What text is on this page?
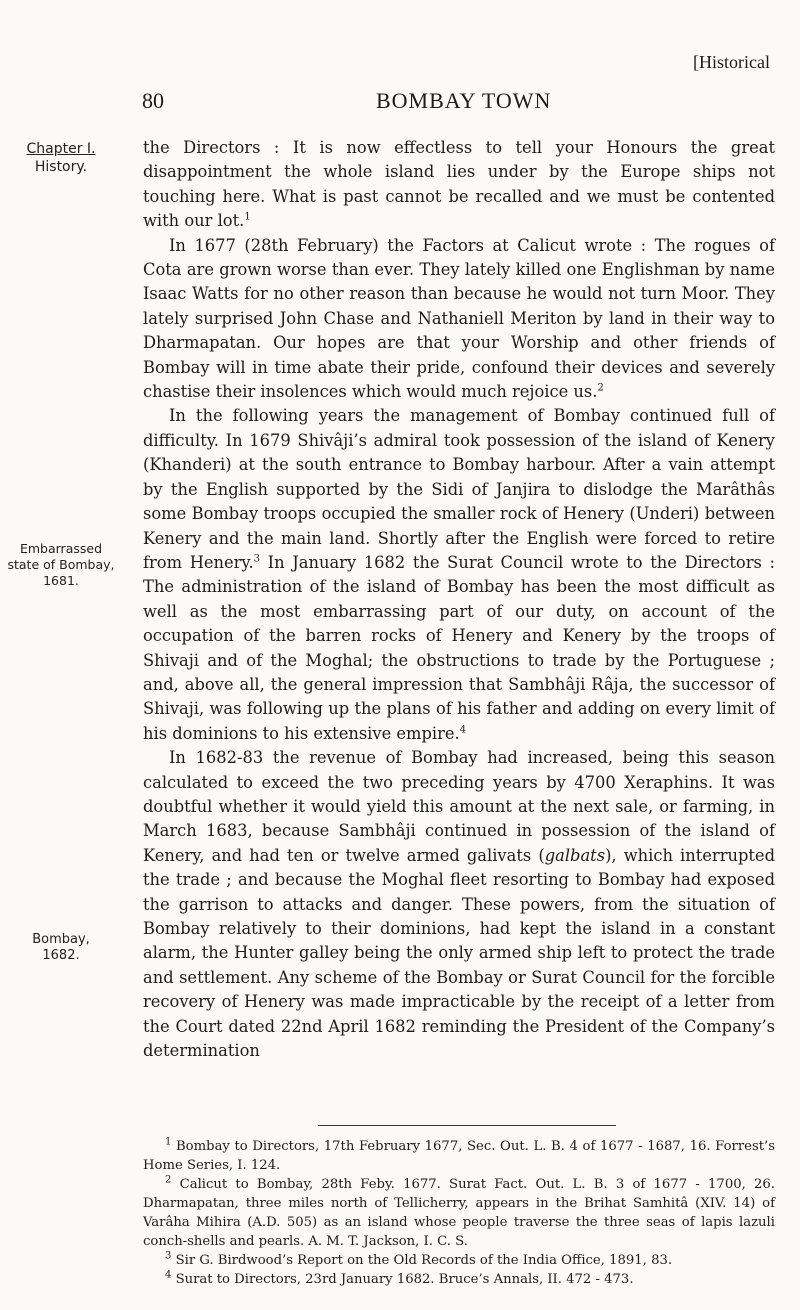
[Historical
80	BOMBAY TOWN
Chapter I.
History.
Embarrassed
state of Bombay,
1681.
Bombay,
1682.

the Directors : It is now effectless to tell your Honours the great disappointment the whole island lies under by the Europe ships not touching here. What is past cannot be recalled and we must be contented with our lot.$^1$

In 1677 (28th February) the Factors at Calicut wrote : The rogues of Cota are grown worse than ever. They lately killed one Englishman by name Isaac Watts for no other reason than because he would not turn Moor. They lately surprised John Chase and Nathaniell Meriton by land in their way to Dharmapatan. Our hopes are that your Worship and other friends of Bombay will in time abate their pride, confound their devices and severely chastise their insolences which would much rejoice us.$^2$

In the following years the management of Bombay continued full of difficulty. In 1679 Shivâji’s admiral took possession of the island of Kenery (Khanderi) at the south entrance to Bombay harbour. After a vain attempt by the English supported by the Sidi of Janjira to dislodge the Marâthâs some Bombay troops occupied the smaller rock of Henery (Underi) between Kenery and the main land. Shortly after the English were forced to retire from Henery.$^3$ In January 1682 the Surat Council wrote to the Directors : The administration of the island of Bombay has been the most difficult as well as the most embarrassing part of our duty, on account of the occupation of the barren rocks of Henery and Kenery by the troops of Shivaji and of the Moghal; the obstructions to trade by the Portuguese ; and, above all, the general impression that Sambhâji Râja, the successor of Shivaji, was following up the plans of his father and adding on every limit of his dominions to his extensive empire.$^4$

In 1682-83 the revenue of Bombay had increased, being this season calculated to exceed the two preceding years by 4700 Xeraphins. It was doubtful whether it would yield this amount at the next sale, or farming, in March 1683, because Sambhâji continued in possession of the island of Kenery, and had ten or twelve armed galivats (galbats), which interrupted the trade ; and because the Moghal fleet resorting to Bombay had exposed the garrison to attacks and danger. These powers, from the situation of Bombay relatively to their dominions, had kept the island in a constant alarm, the Hunter galley being the only armed ship left to protect the trade and settlement. Any scheme of the Bombay or Surat Council for the forcible recovery of Henery was made impracticable by the receipt of a letter from the Court dated 22nd April 1682 reminding the President of the Company’s determination

$^1$ Bombay to Directors, 17th February 1677, Sec. Out. L. B. 4 of 1677 - 1687, 16. Forrest’s Home Series, I. 124.

$^2$ Calicut to Bombay, 28th Feby. 1677. Surat Fact. Out. L. B. 3 of 1677 - 1700, 26. Dharmapatan, three miles north of Tellicherry, appears in the Brihat Samhitâ (XIV. 14) of Varâha Mihira (A.D. 505) as an island whose people traverse the three seas of lapis lazuli conch-shells and pearls. A. M. T. Jackson, I. C. S.

$^3$ Sir G. Birdwood’s Report on the Old Records of the India Office, 1891, 83.

$^4$ Surat to Directors, 23rd January 1682. Bruce’s Annals, II. 472 - 473.
